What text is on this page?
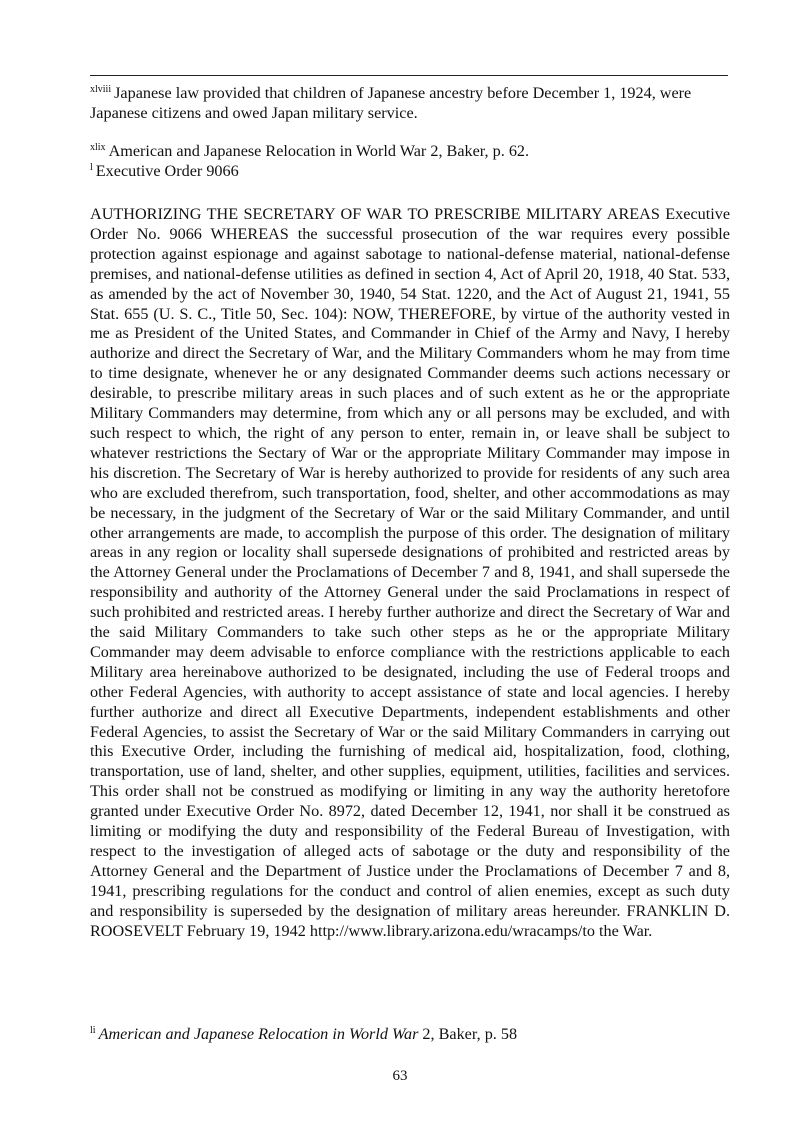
$^{xlviii}$ Japanese law provided that children of Japanese ancestry before December 1, 1924, were Japanese citizens and owed Japan military service.
$^{xlix}$ American and Japanese Relocation in World War 2, Baker, p. 62.
$^l$ Executive Order 9066
AUTHORIZING THE SECRETARY OF WAR TO PRESCRIBE MILITARY AREAS Executive Order No. 9066 WHEREAS the successful prosecution of the war requires every possible protection against espionage and against sabotage to national-defense material, national-defense premises, and national-defense utilities as defined in section 4, Act of April 20, 1918, 40 Stat. 533, as amended by the act of November 30, 1940, 54 Stat. 1220, and the Act of August 21, 1941, 55 Stat. 655 (U. S. C., Title 50, Sec. 104): NOW, THEREFORE, by virtue of the authority vested in me as President of the United States, and Commander in Chief of the Army and Navy, I hereby authorize and direct the Secretary of War, and the Military Commanders whom he may from time to time designate, whenever he or any designated Commander deems such actions necessary or desirable, to prescribe military areas in such places and of such extent as he or the appropriate Military Commanders may determine, from which any or all persons may be excluded, and with such respect to which, the right of any person to enter, remain in, or leave shall be subject to whatever restrictions the Sectary of War or the appropriate Military Commander may impose in his discretion. The Secretary of War is hereby authorized to provide for residents of any such area who are excluded therefrom, such transportation, food, shelter, and other accommodations as may be necessary, in the judgment of the Secretary of War or the said Military Commander, and until other arrangements are made, to accomplish the purpose of this order. The designation of military areas in any region or locality shall supersede designations of prohibited and restricted areas by the Attorney General under the Proclamations of December 7 and 8, 1941, and shall supersede the responsibility and authority of the Attorney General under the said Proclamations in respect of such prohibited and restricted areas. I hereby further authorize and direct the Secretary of War and the said Military Commanders to take such other steps as he or the appropriate Military Commander may deem advisable to enforce compliance with the restrictions applicable to each Military area hereinabove authorized to be designated, including the use of Federal troops and other Federal Agencies, with authority to accept assistance of state and local agencies. I hereby further authorize and direct all Executive Departments, independent establishments and other Federal Agencies, to assist the Secretary of War or the said Military Commanders in carrying out this Executive Order, including the furnishing of medical aid, hospitalization, food, clothing, transportation, use of land, shelter, and other supplies, equipment, utilities, facilities and services. This order shall not be construed as modifying or limiting in any way the authority heretofore granted under Executive Order No. 8972, dated December 12, 1941, nor shall it be construed as limiting or modifying the duty and responsibility of the Federal Bureau of Investigation, with respect to the investigation of alleged acts of sabotage or the duty and responsibility of the Attorney General and the Department of Justice under the Proclamations of December 7 and 8, 1941, prescribing regulations for the conduct and control of alien enemies, except as such duty and responsibility is superseded by the designation of military areas hereunder. FRANKLIN D. ROOSEVELT February 19, 1942 http://www.library.arizona.edu/wracamps/to the War.
$^{li}$ American and Japanese Relocation in World War 2, Baker, p. 58
63
